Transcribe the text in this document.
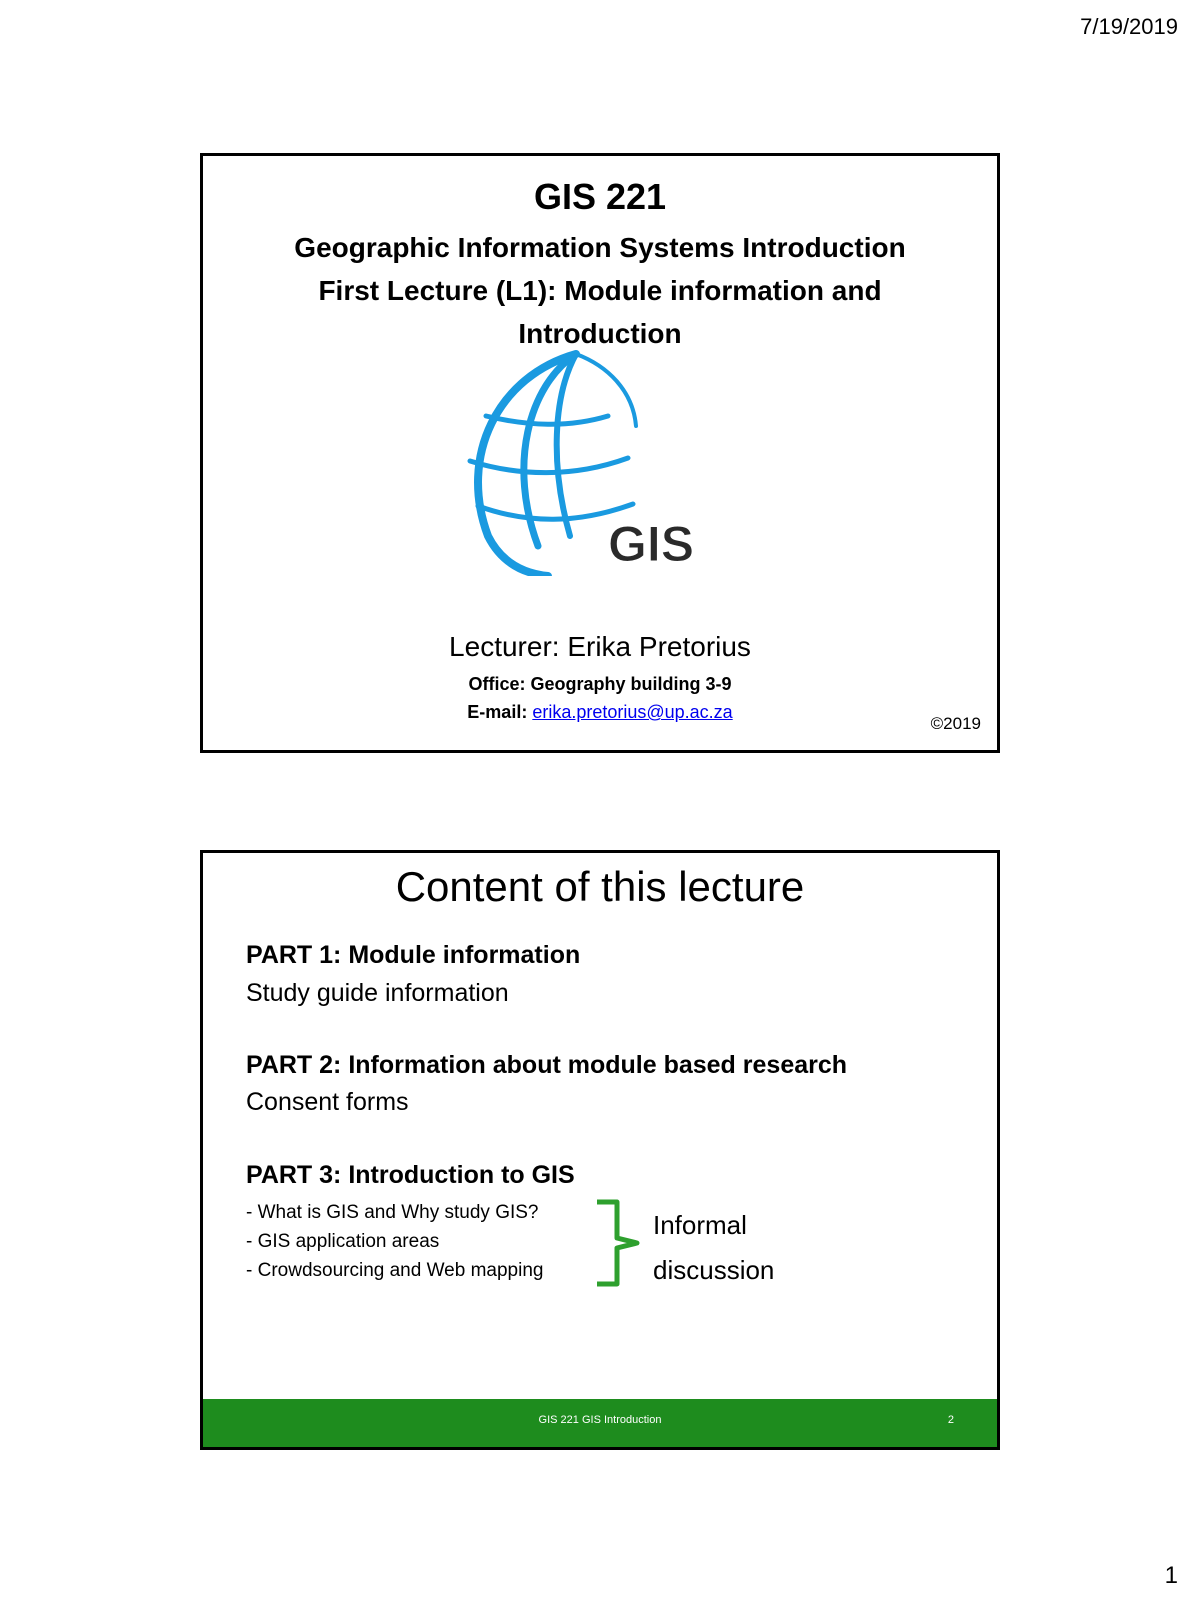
7/19/2019
GIS 221
Geographic Information Systems Introduction
First Lecture (L1): Module information and
Introduction
GIS
Lecturer: Erika Pretorius
Office: Geography building 3-9
E-mail: erika.pretorius@up.ac.za
©2019
Content of this lecture
PART 1: Module information
Study guide information
PART 2: Information about module based research
Consent forms
PART 3: Introduction to GIS
- What is GIS and Why study GIS?
- GIS application areas
- Crowdsourcing and Web mapping
Informal
discussion
GIS 221 GIS Introduction	2
1
